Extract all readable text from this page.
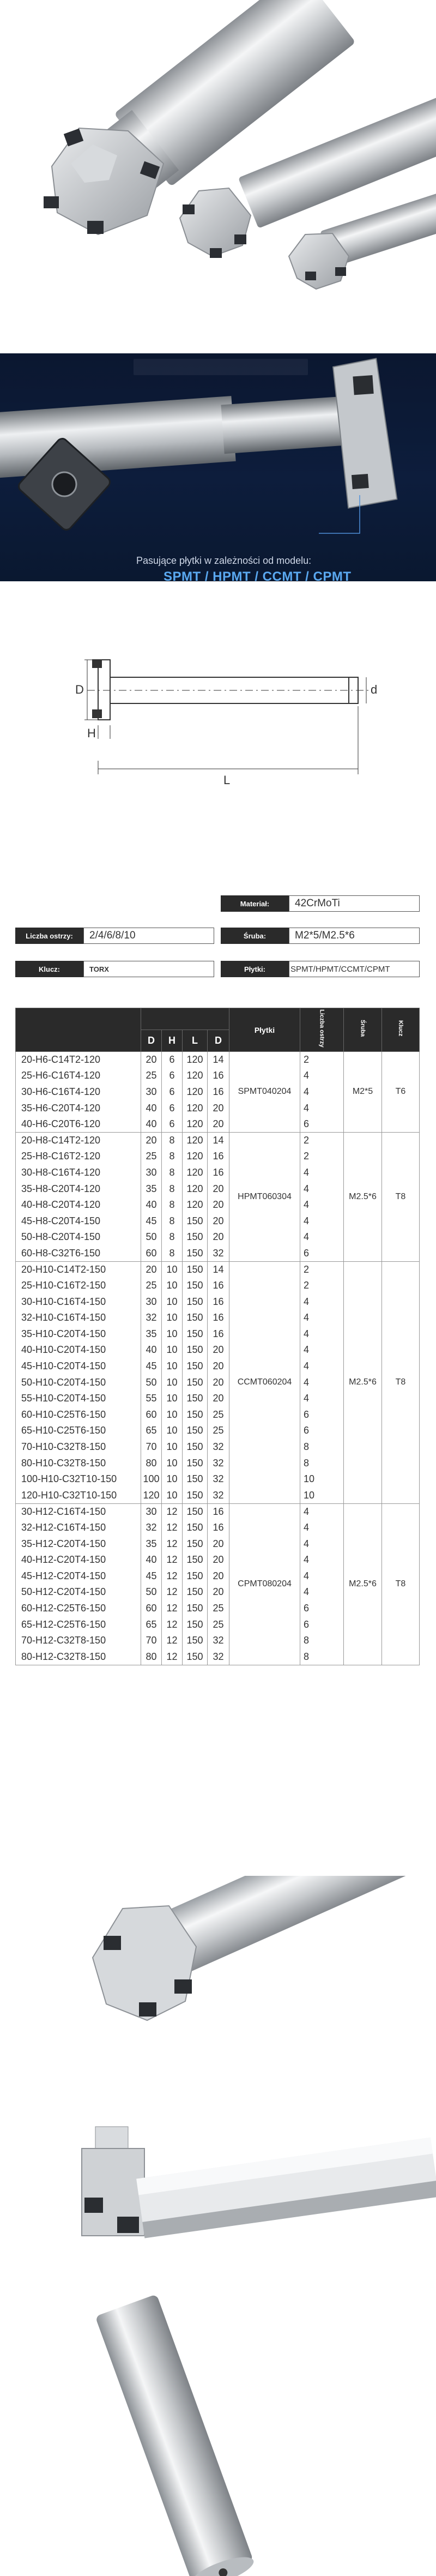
Pasujące płytki w zależności od modelu:
SPMT / HPMT / CCMT / CPMT
D	d
H
L
Materiał:	42CrMoTi
Liczba ostrzy:	2/4/6/8/10	Śruba:	M2*5/M2.5*6
Klucz:	TORX	Płytki:	SPMT/HPMT/CCMT/CPMT
					Płytki	Liczba ostrzy	Śruba	Klucz
	D	H	L	D				
20-H6-C14T2-120	20	6	120	14	SPMT040204	2	M2*5	T6
25-H6-C16T4-120	25	6	120	16		4		
30-H6-C16T4-120	30	6	120	16		4		
35-H6-C20T4-120	40	6	120	20		4		
40-H6-C20T6-120	40	6	120	20		6		
20-H8-C14T2-120	20	8	120	14	HPMT060304	2	M2.5*6	T8
25-H8-C16T2-120	25	8	120	16		2		
30-H8-C16T4-120	30	8	120	16		4		
35-H8-C20T4-120	35	8	120	20		4		
40-H8-C20T4-120	40	8	120	20		4		
45-H8-C20T4-150	45	8	150	20		4		
50-H8-C20T4-150	50	8	150	20		4		
60-H8-C32T6-150	60	8	150	32		6		
20-H10-C14T2-150	20	10	150	14	CCMT060204	2	M2.5*6	T8
25-H10-C16T2-150	25	10	150	16		2		
30-H10-C16T4-150	30	10	150	16		4		
32-H10-C16T4-150	32	10	150	16		4		
35-H10-C20T4-150	35	10	150	16		4		
40-H10-C20T4-150	40	10	150	20		4		
45-H10-C20T4-150	45	10	150	20		4		
50-H10-C20T4-150	50	10	150	20		4		
55-H10-C20T4-150	55	10	150	20		4		
60-H10-C25T6-150	60	10	150	25		6		
65-H10-C25T6-150	65	10	150	25		6		
70-H10-C32T8-150	70	10	150	32		8		
80-H10-C32T8-150	80	10	150	32		8		
100-H10-C32T10-150	100	10	150	32		10		
120-H10-C32T10-150	120	10	150	32		10		
30-H12-C16T4-150	30	12	150	16	CPMT080204	4	M2.5*6	T8
32-H12-C16T4-150	32	12	150	16		4		
35-H12-C20T4-150	35	12	150	20		4		
40-H12-C20T4-150	40	12	150	20		4		
45-H12-C20T4-150	45	12	150	20		4		
50-H12-C20T4-150	50	12	150	20		4		
60-H12-C25T6-150	60	12	150	25		6		
65-H12-C25T6-150	65	12	150	25		6		
70-H12-C32T8-150	70	12	150	32		8		
80-H12-C32T8-150	80	12	150	32		8		
